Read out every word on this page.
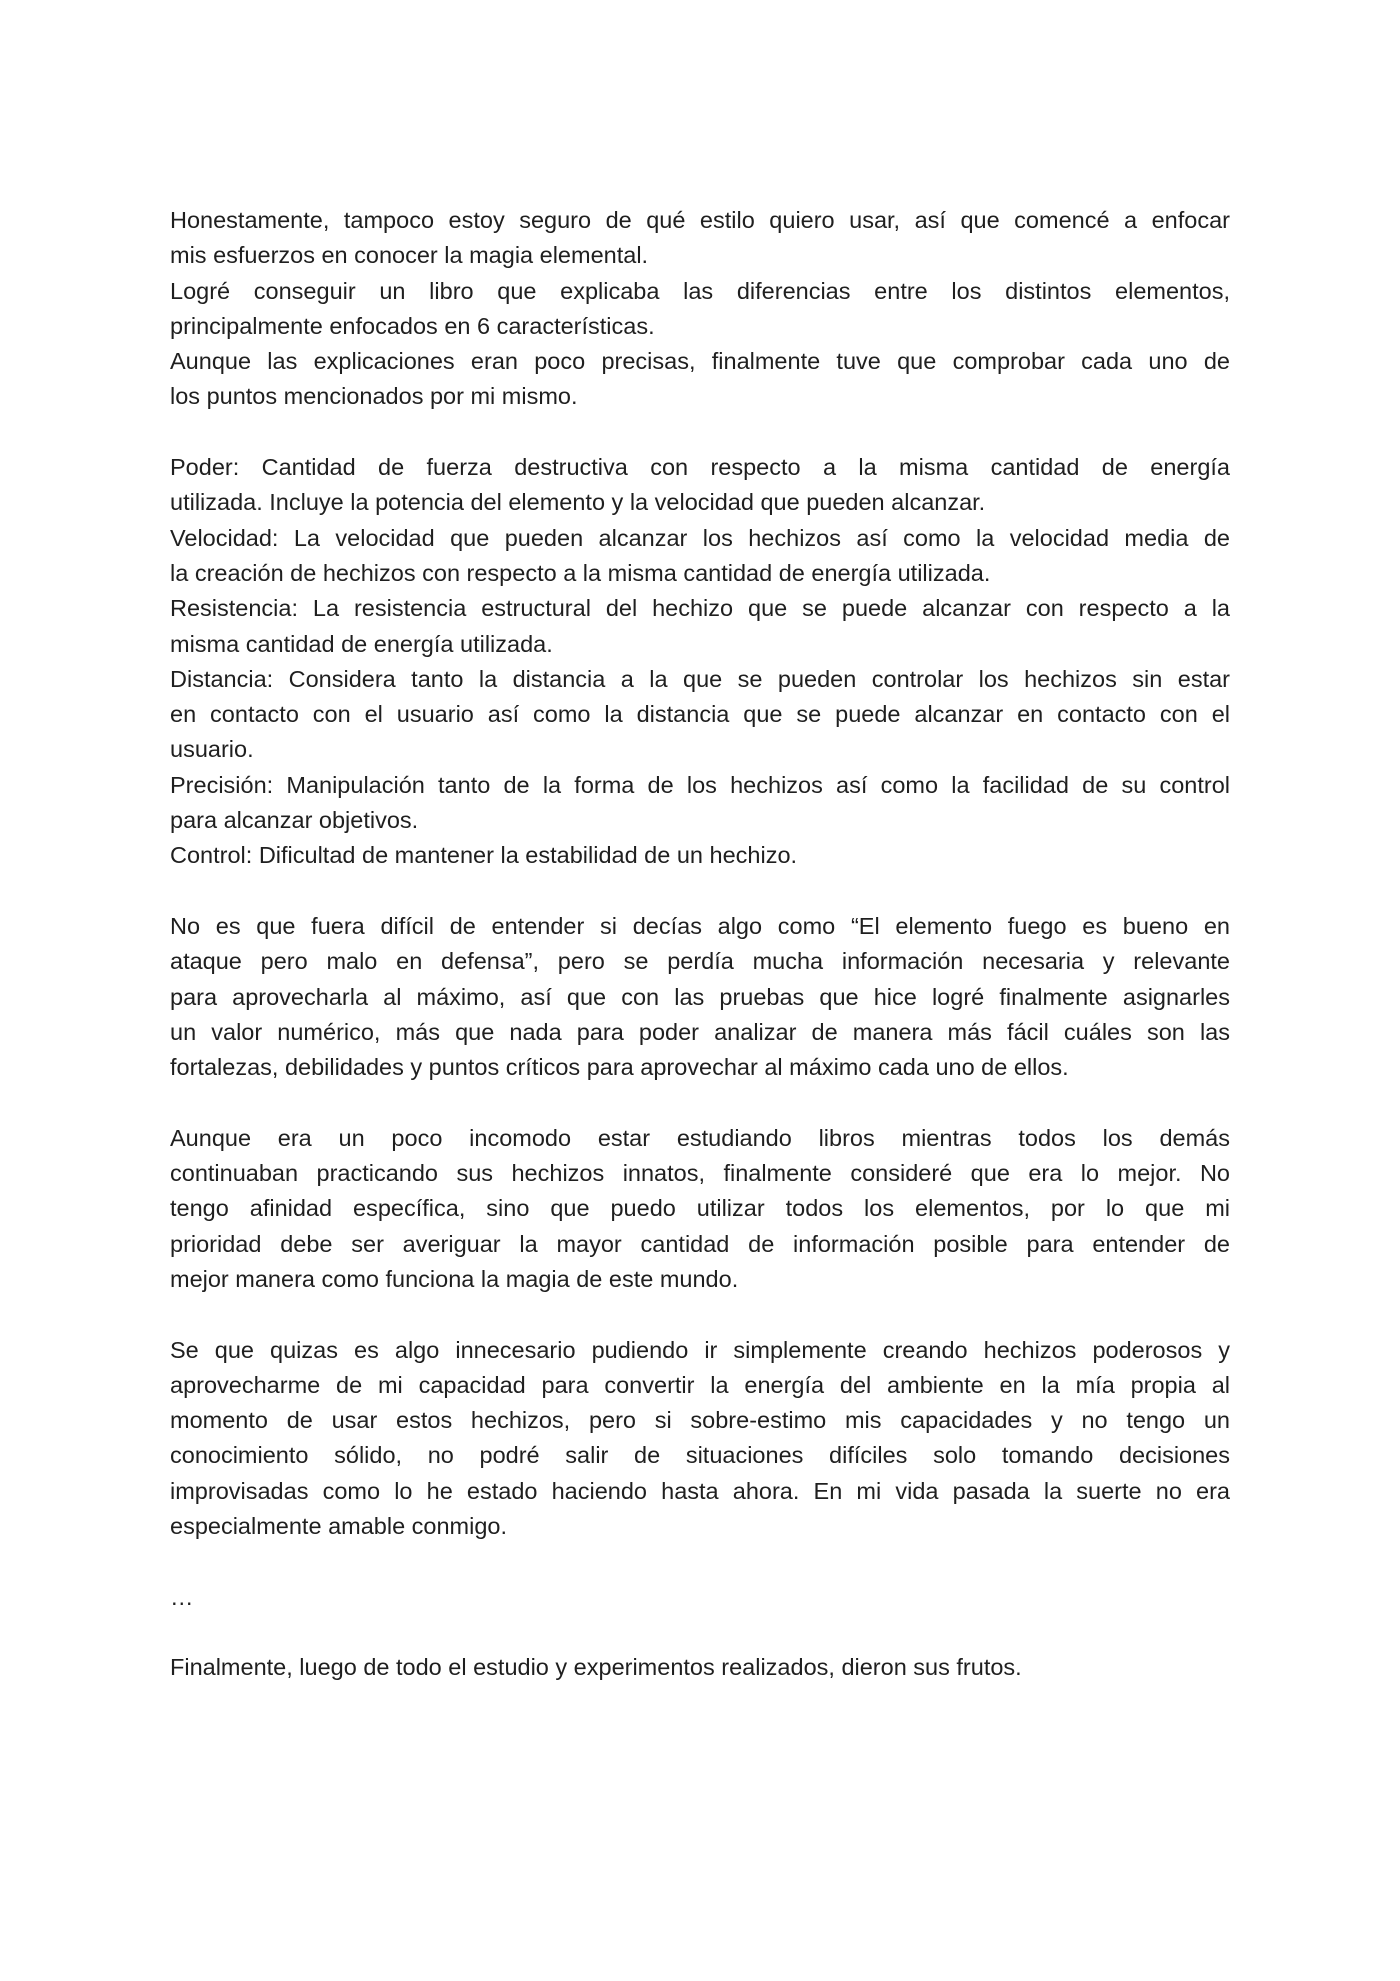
Honestamente, tampoco estoy seguro de qué estilo quiero usar, así que comencé a enfocar
mis esfuerzos en conocer la magia elemental.

Logré conseguir un libro que explicaba las diferencias entre los distintos elementos,
principalmente enfocados en 6 características.

Aunque las explicaciones eran poco precisas, finalmente tuve que comprobar cada uno de
los puntos mencionados por mi mismo.

Poder: Cantidad de fuerza destructiva con respecto a la misma cantidad de energía
utilizada. Incluye la potencia del elemento y la velocidad que pueden alcanzar.

Velocidad: La velocidad que pueden alcanzar los hechizos así como la velocidad media de
la creación de hechizos con respecto a la misma cantidad de energía utilizada.

Resistencia: La resistencia estructural del hechizo que se puede alcanzar con respecto a la
misma cantidad de energía utilizada.

Distancia: Considera tanto la distancia a la que se pueden controlar los hechizos sin estar
en contacto con el usuario así como la distancia que se puede alcanzar en contacto con el
usuario.

Precisión: Manipulación tanto de la forma de los hechizos así como la facilidad de su control
para alcanzar objetivos.

Control: Dificultad de mantener la estabilidad de un hechizo.

No es que fuera difícil de entender si decías algo como “El elemento fuego es bueno en
ataque pero malo en defensa”, pero se perdía mucha información necesaria y relevante
para aprovecharla al máximo, así que con las pruebas que hice logré finalmente asignarles
un valor numérico, más que nada para poder analizar de manera más fácil cuáles son las
fortalezas, debilidades y puntos críticos para aprovechar al máximo cada uno de ellos.

Aunque era un poco incomodo estar estudiando libros mientras todos los demás
continuaban practicando sus hechizos innatos, finalmente consideré que era lo mejor. No
tengo afinidad específica, sino que puedo utilizar todos los elementos, por lo que mi
prioridad debe ser averiguar la mayor cantidad de información posible para entender de
mejor manera como funciona la magia de este mundo.

Se que quizas es algo innecesario pudiendo ir simplemente creando hechizos poderosos y
aprovecharme de mi capacidad para convertir la energía del ambiente en la mía propia al
momento de usar estos hechizos, pero si sobre-estimo mis capacidades y no tengo un
conocimiento sólido, no podré salir de situaciones difíciles solo tomando decisiones
improvisadas como lo he estado haciendo hasta ahora. En mi vida pasada la suerte no era
especialmente amable conmigo.

…

Finalmente, luego de todo el estudio y experimentos realizados, dieron sus frutos.
